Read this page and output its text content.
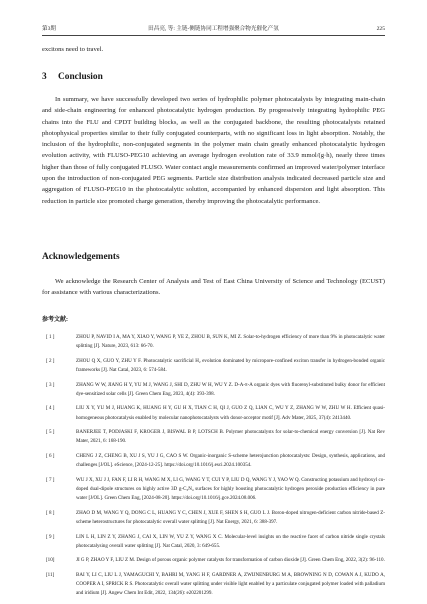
第3期	田昌亮, 等: 主链-侧链协同工程增强聚合物光催化产氢	225

excitons need to travel.

3 Conclusion

In summary, we have successfully developed two series of hydrophilic polymer photocatalysts by integrating main-chain and side-chain engineering for enhanced photocatalytic hydrogen production. By progressively integrating hydrophilic PEG chains into the FLU and CPDT building blocks, as well as the conjugated backbone, the resulting photocatalysts retained photophysical properties similar to their fully conjugated counterparts, with no significant loss in light absorption. Notably, the inclusion of the hydrophilic, non-conjugated segments in the polymer main chain greatly enhanced photocatalytic hydrogen evolution activity, with FLUSO-PEG10 achieving an average hydrogen evolution rate of 33.9 mmol/(g·h), nearly three times higher than those of fully conjugated FLUSO. Water contact angle measurements confirmed an improved water/polymer interface upon the introduction of non-conjugated PEG segments. Particle size distribution analysis indicated decreased particle size and aggregation of FLUSO-PEG10 in the photocatalytic solution, accompanied by enhanced dispersion and light absorption. This reduction in particle size promoted charge generation, thereby improving the photocatalytic performance.

Acknowledgements

We acknowledge the Research Center of Analysis and Test of East China University of Science and Technology (ECUST) for assistance with various characterizations.

参考文献:
[ 1 ]	ZHOU P, NAVID I A, MA Y, XIAO Y, WANG P, YE Z, ZHOU B, SUN K, MI Z. Solar-to-hydrogen efficiency of more than 9% in photocatalytic water splitting [J]. Nature, 2023, 613: 66-70.
[ 2 ]	ZHOU Q X, GUO Y, ZHU Y F. Photocatalytic sacrificial H₂ evolution dominated by micropore-confined exciton transfer in hydrogen-bonded organic frameworks [J]. Nat Catal, 2023, 6: 574-584.
[ 3 ]	ZHANG W W, JIANG H Y, YU M J, WANG J, SHI D, ZHU W H, WU Y Z. D-A-π-A organic dyes with fluorenyl-substituted bulky donor for efficient dye-sensitized solar cells [J]. Green Chem Eng, 2023, 4(4): 393-398.
[ 4 ]	LIU X Y, YU M J, HUANG K, HUANG H Y, GU H X, TIAN C H, QI J, GUO Z Q, LIAN C, WU Y Z, ZHANG W W, ZHU W H. Efficient quasi-homogeneous photocatalysis enabled by molecular nanophotocatalysts with donor-acceptor motif [J]. Adv Mater, 2025, 37(4): 2413440.
[ 5 ]	BANERJEE T, PODJASKI F, KROGER J, BISWAL B P, LOTSCH B. Polymer photocatalysts for solar-to-chemical energy conversion [J]. Nat Rev Mater, 2021, 6: 168-190.
[ 6 ]	CHENG J Z, CHENG B, XU J S, YU J G, CAO S W. Organic-inorganic S-scheme heterojunction photocatalysts: Design, synthesis, applications, and challenges [J/OL]. eScience, [2024-12-25]. https://doi.org/10.1016/j.esci.2024.100354.
[ 7 ]	WU J X, XU J J, FAN F, LI R H, WANG M X, LI G, WANG Y T, CUI Y P, LIU D Q, WANG Y J, YAO W Q. Constructing potassium and hydroxyl co-doped dual-dipole structures on highly active 3D g-C₃N₄ surfaces for highly boosting photocatalytic hydrogen peroxide production efficiency in pure water [J/OL]. Green Chem Eng, [2024-08-20]. https://doi.org/10.1016/j.gce.2024.08.006.
[ 8 ]	ZHAO D M, WANG Y Q, DONG C L, HUANG Y C, CHEN J, XUE F, SHEN S H, GUO L J. Boron-doped nitrogen-deficient carbon nitride-based Z-scheme heterostructures for photocatalytic overall water splitting [J]. Nat Energy, 2021, 6: 388-397.
[ 9 ]	LIN L H, LIN Z Y, ZHANG J, CAI X, LIN W, YU Z Y, WANG X C. Molecular-level insights on the reactive facet of carbon nitride single crystals photocatalysing overall water splitting [J]. Nat Catal, 2020, 3: 649-655.
[10]	JI G P, ZHAO Y F, LIU Z M. Design of porous organic polymer catalysts for transformation of carbon dioxide [J]. Green Chem Eng, 2022, 3(2): 96-110.
[11]	BAI Y, LI C, LIU L J, YAMAGUCHI Y, BAHRI M, YANG H F, GARDNER A, ZWIJNENBURG M A, BROWNING N D, COWAN A J, KUDO A, COOPER A I, SPRICK R S. Photocatalytic overall water splitting under visible light enabled by a particulate conjugated polymer loaded with palladium and iridium [J]. Angew Chem Int Edit, 2022, 134(26): e202201299.
